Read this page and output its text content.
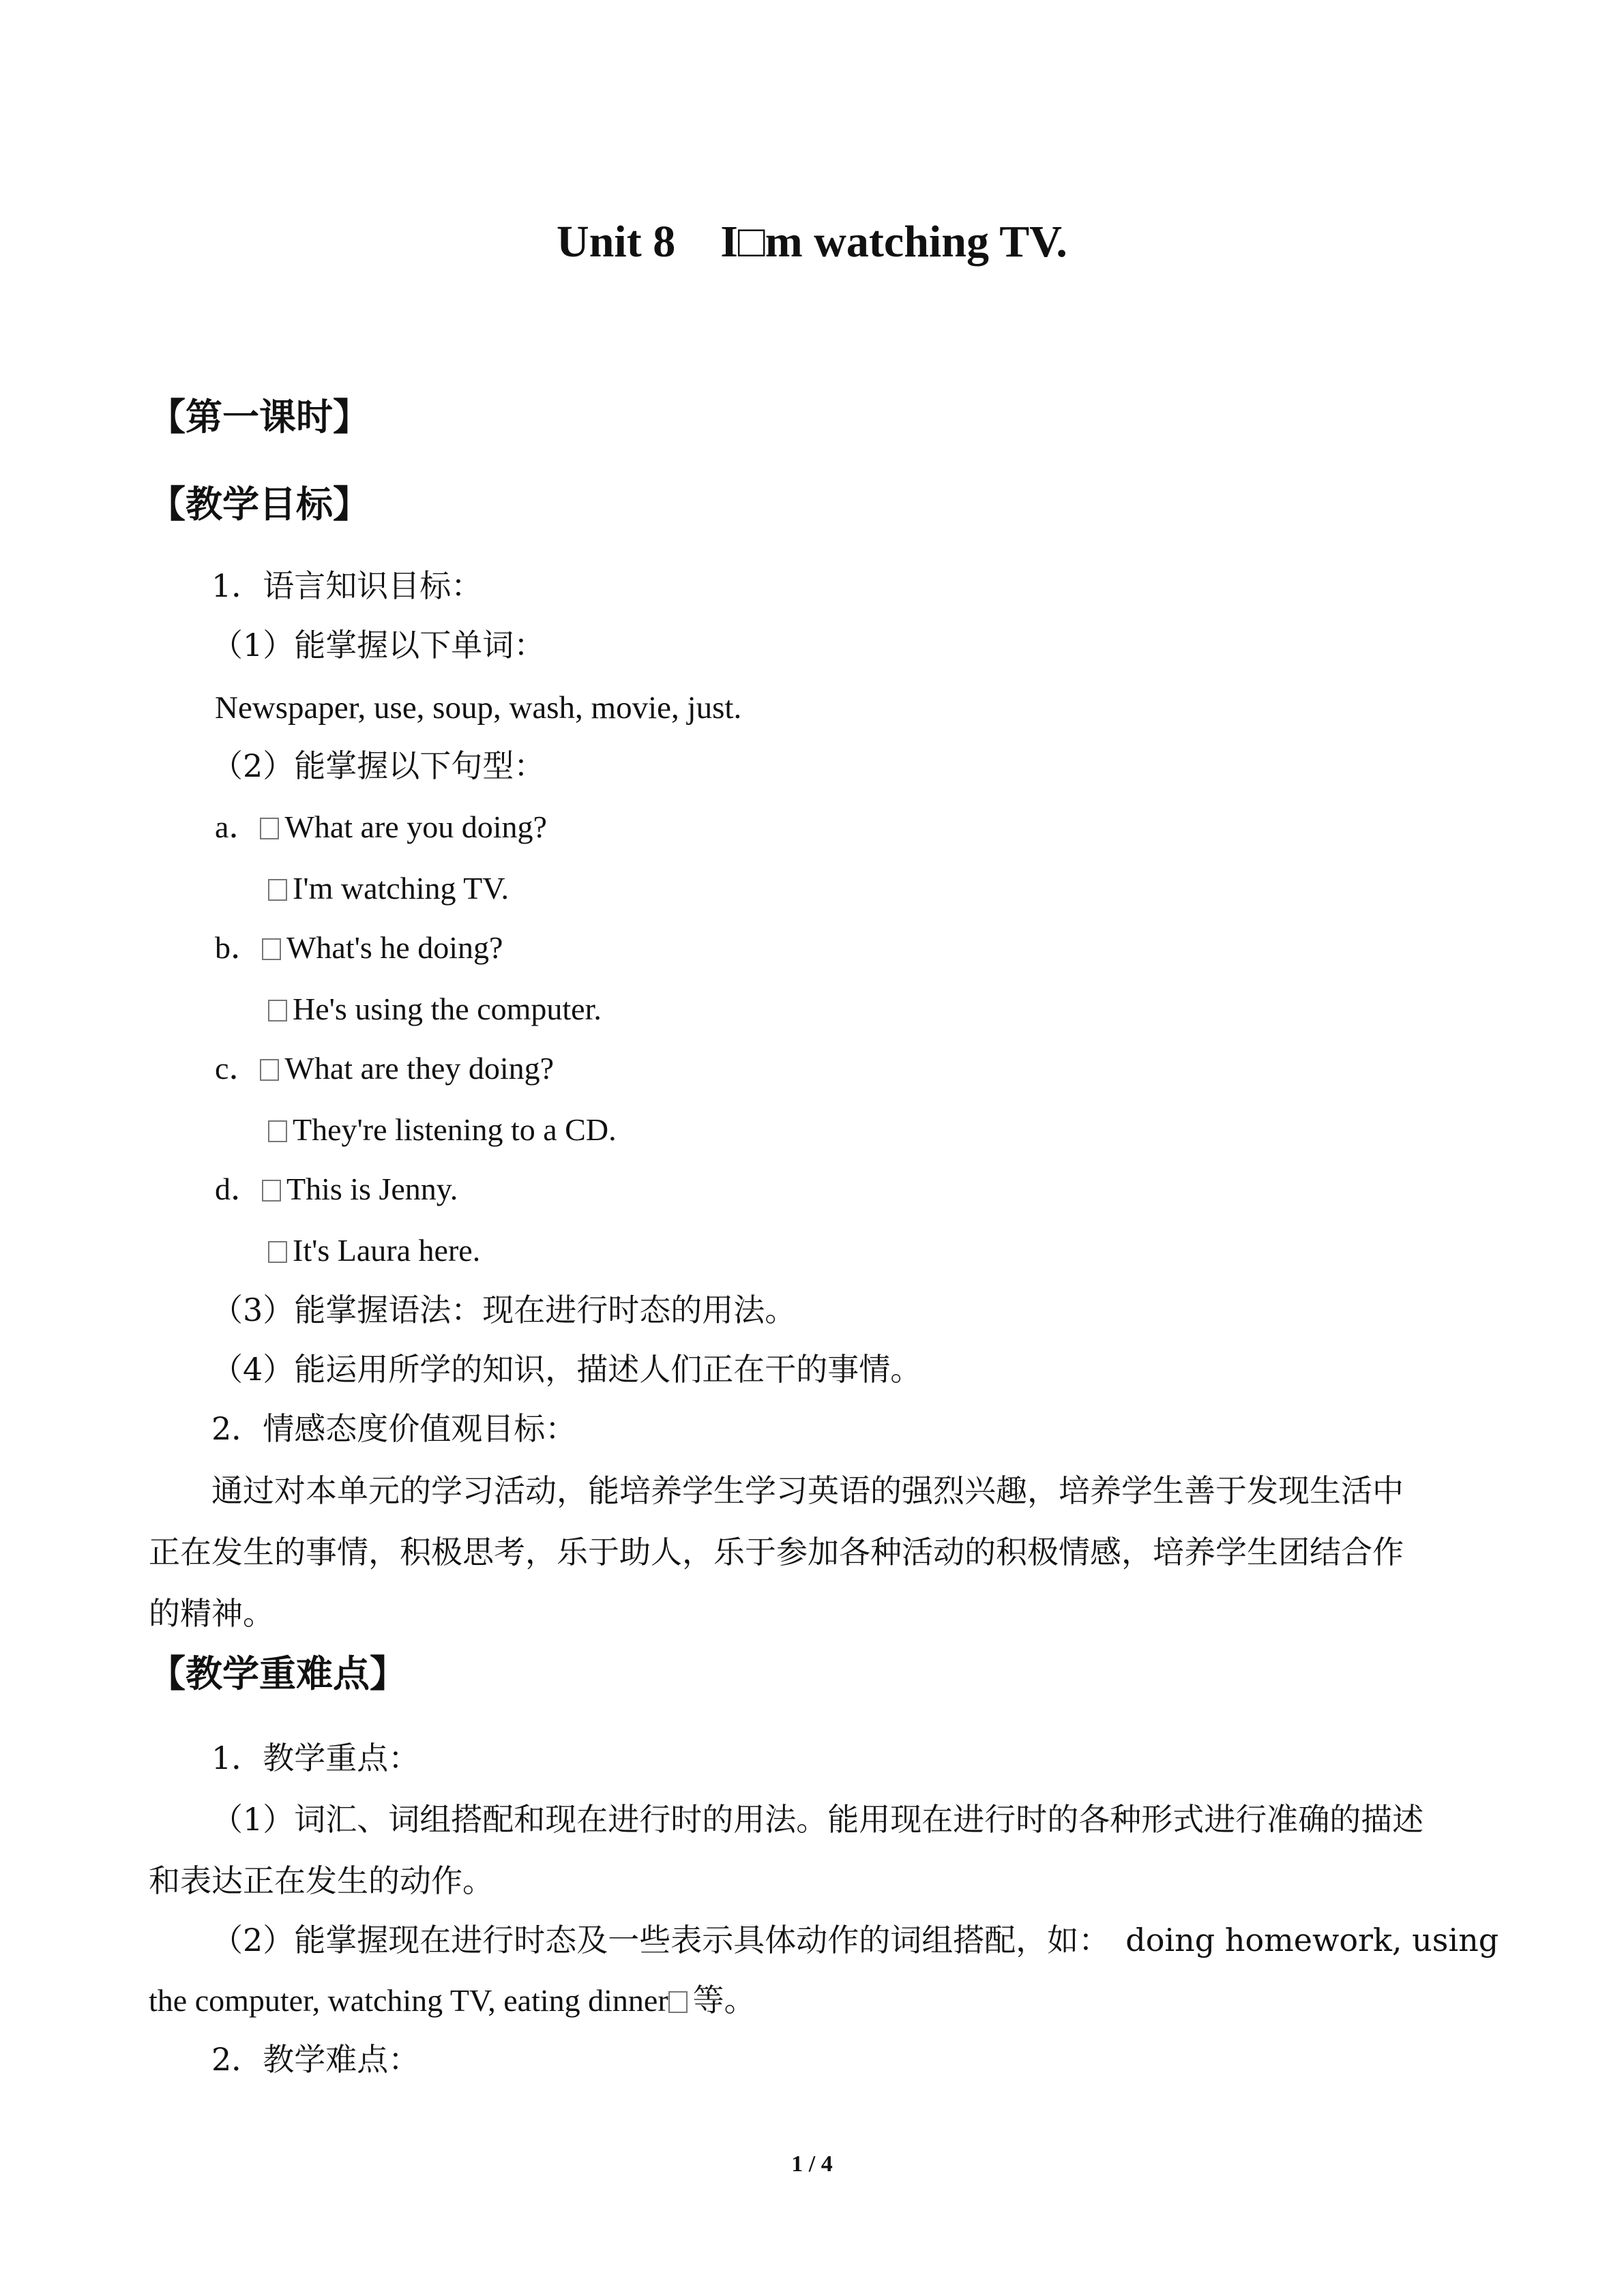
Unit 8　I□m watching TV.
【第一课时】
【教学目标】
1．语言知识目标：
（1）能掌握以下单词：
Newspaper, use, soup, wash, movie, just.
（2）能掌握以下句型：
a． What are you doing?
I'm watching TV.
b． What's he doing?
He's using the computer.
c． What are they doing?
They're listening to a CD.
d． This is Jenny.
It's Laura here.
（3）能掌握语法：现在进行时态的用法。
（4）能运用所学的知识，描述人们正在干的事情。
2．情感态度价值观目标：
通过对本单元的学习活动，能培养学生学习英语的强烈兴趣，培养学生善于发现生活中
正在发生的事情，积极思考，乐于助人，乐于参加各种活动的积极情感，培养学生团结合作
的精神。
【教学重难点】
1．教学重点：
（1）词汇、词组搭配和现在进行时的用法。能用现在进行时的各种形式进行准确的描述
和表达正在发生的动作。
（2）能掌握现在进行时态及一些表示具体动作的词组搭配，如：　doing homework, using
the computer, watching TV, eating dinner 等。
2．教学难点：
1 / 4
